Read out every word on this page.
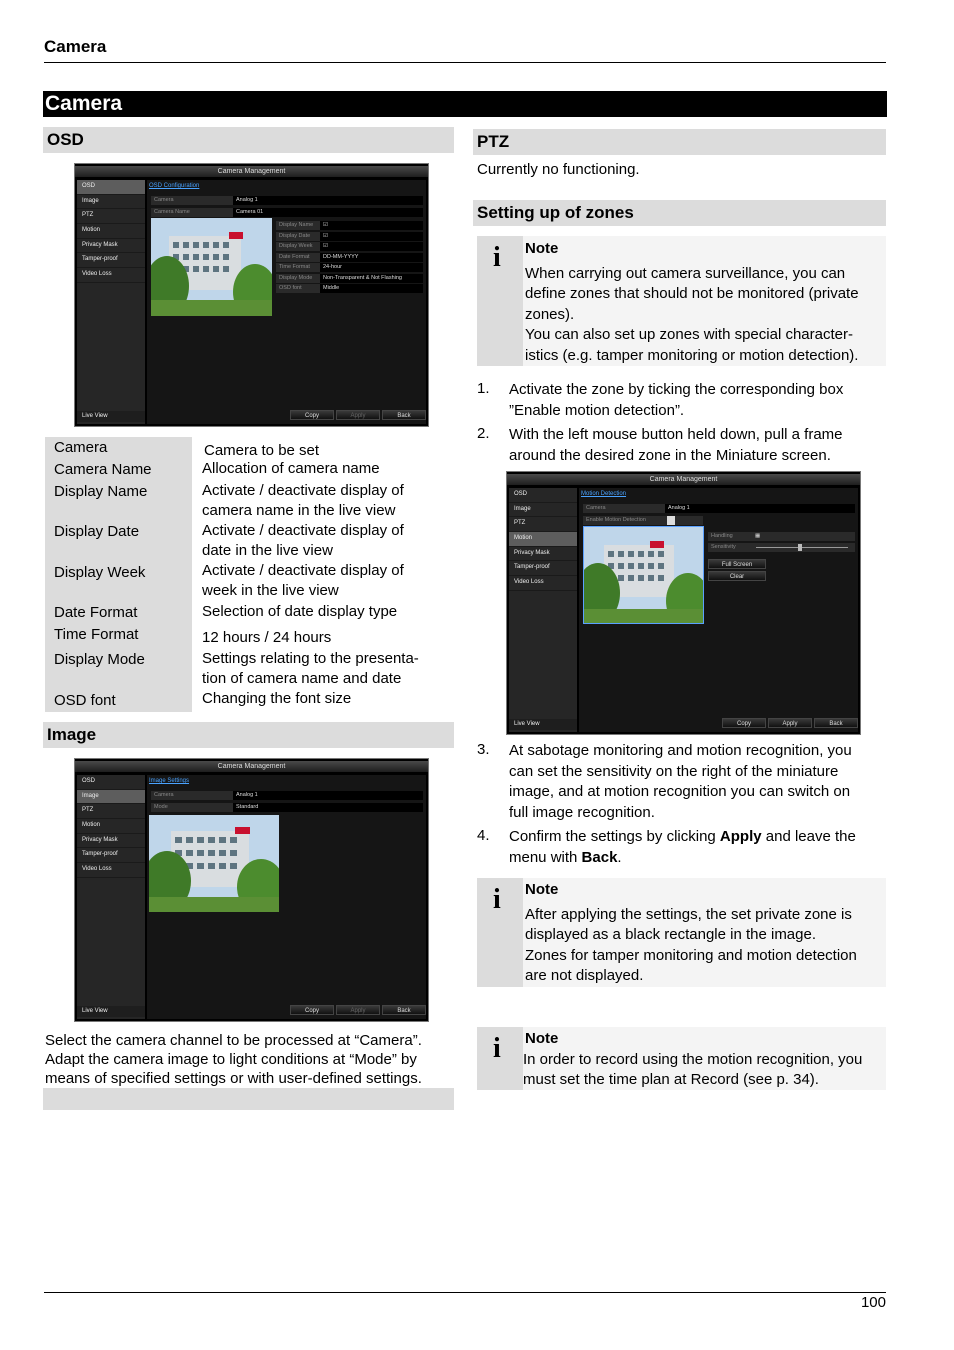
Camera
Camera
OSD
Camera Management
OSD
Image
PTZ
Motion
Privacy Mask
Tamper-proof
Video Loss
Live View
OSD Configuration
Camera	Analog 1
Camera Name	Camera 01
Display Name	☑
Display Date	☑
Display Week	☑
Date Format	DD-MM-YYYY
Time Format	24-hour
Display Mode	Non-Transparent & Not Flashing
OSD font	Middle
Copy	Apply	Back
Camera	Camera to be set
Camera Name	Allocation of camera name
Display Name	Activate / deactivate display of camera name in the live view
Display Date	Activate / deactivate display of date in the live view
Display Week	Activate / deactivate display of week in the live view
Date Format	Selection of date display type
Time Format	12 hours / 24 hours
Display Mode	Settings relating to the presenta-tion of camera name and date
OSD font	Changing the font size
Image
Camera Management
OSD
Image
PTZ
Motion
Privacy Mask
Tamper-proof
Video Loss
Live View
Image Settings
Camera	Analog 1
Mode	Standard
Copy	Apply	Back
Select the camera channel to be processed at “Camera”. Adapt the camera image to light conditions at “Mode” by means of specified settings or with user-defined settings.
PTZ
Currently no functioning.
Setting up of zones
i Note
When carrying out camera surveillance, you can
define zones that should not be monitored (private
zones).
You can also set up zones with special character-
istics (e.g. tamper monitoring or motion detection).
1. Activate the zone by ticking the corresponding box
”Enable motion detection”.
2. With the left mouse button held down, pull a frame
around the desired zone in the Miniature screen.
Camera Management
OSD
Image
PTZ
Motion
Privacy Mask
Tamper-proof
Video Loss
Live View
Motion Detection
Camera	Analog 1
Enable Motion Detection
Handling	▦
Sensitivity
Full Screen
Clear
Copy	Apply	Back
3. At sabotage monitoring and motion recognition, you
can set the sensitivity on the right of the miniature
image, and at motion recognition you can switch on
full image recognition.
4. Confirm the settings by clicking Apply and leave the
menu with Back.
i Note
After applying the settings, the set private zone is
displayed as a black rectangle in the image.
Zones for tamper monitoring and motion detection
are not displayed.
i Note
In order to record using the motion recognition, you
must set the time plan at Record (see p. 34).
100
